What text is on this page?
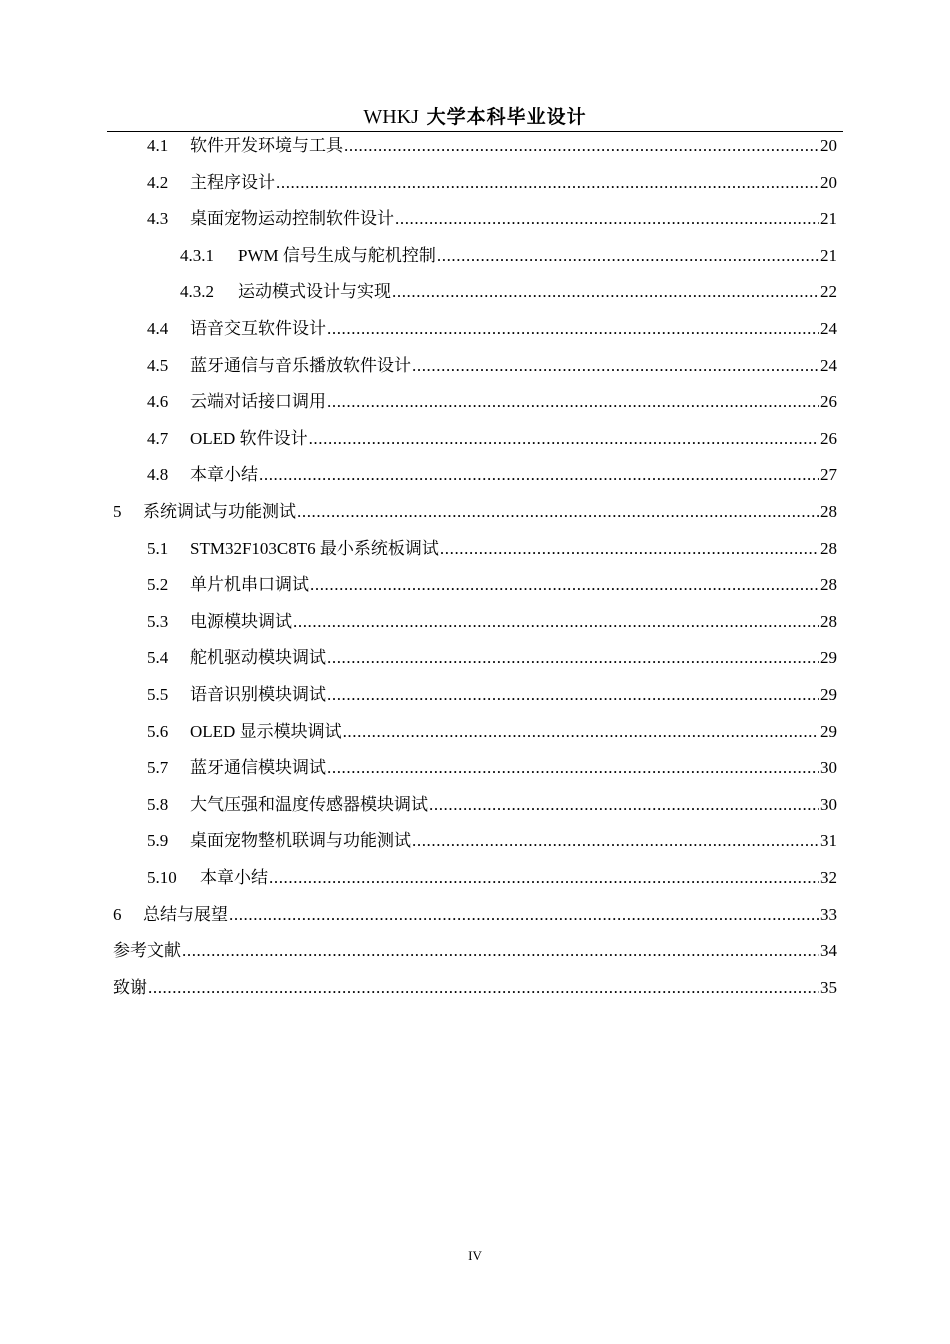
WHKJ 大学本科毕业设计
4.1	软件开发环境与工具 .....	20
4.2	主程序设计 .....	20
4.3	桌面宠物运动控制软件设计 .....	21
4.3.1	PWM 信号生成与舵机控制 .....	21
4.3.2	运动模式设计与实现 .....	22
4.4	语音交互软件设计 .....	24
4.5	蓝牙通信与音乐播放软件设计 .....	24
4.6	云端对话接口调用 .....	26
4.7	OLED 软件设计 .....	26
4.8	本章小结 .....	27
5	系统调试与功能测试 .....	28
5.1	STM32F103C8T6 最小系统板调试 .....	28
5.2	单片机串口调试 .....	28
5.3	电源模块调试 .....	28
5.4	舵机驱动模块调试 .....	29
5.5	语音识别模块调试 .....	29
5.6	OLED 显示模块调试 .....	29
5.7	蓝牙通信模块调试 .....	30
5.8	大气压强和温度传感器模块调试 .....	30
5.9	桌面宠物整机联调与功能测试 .....	31
5.10	本章小结 .....	32
6	总结与展望 .....	33
参考文献 .....	34
致谢 .....	35
IV
